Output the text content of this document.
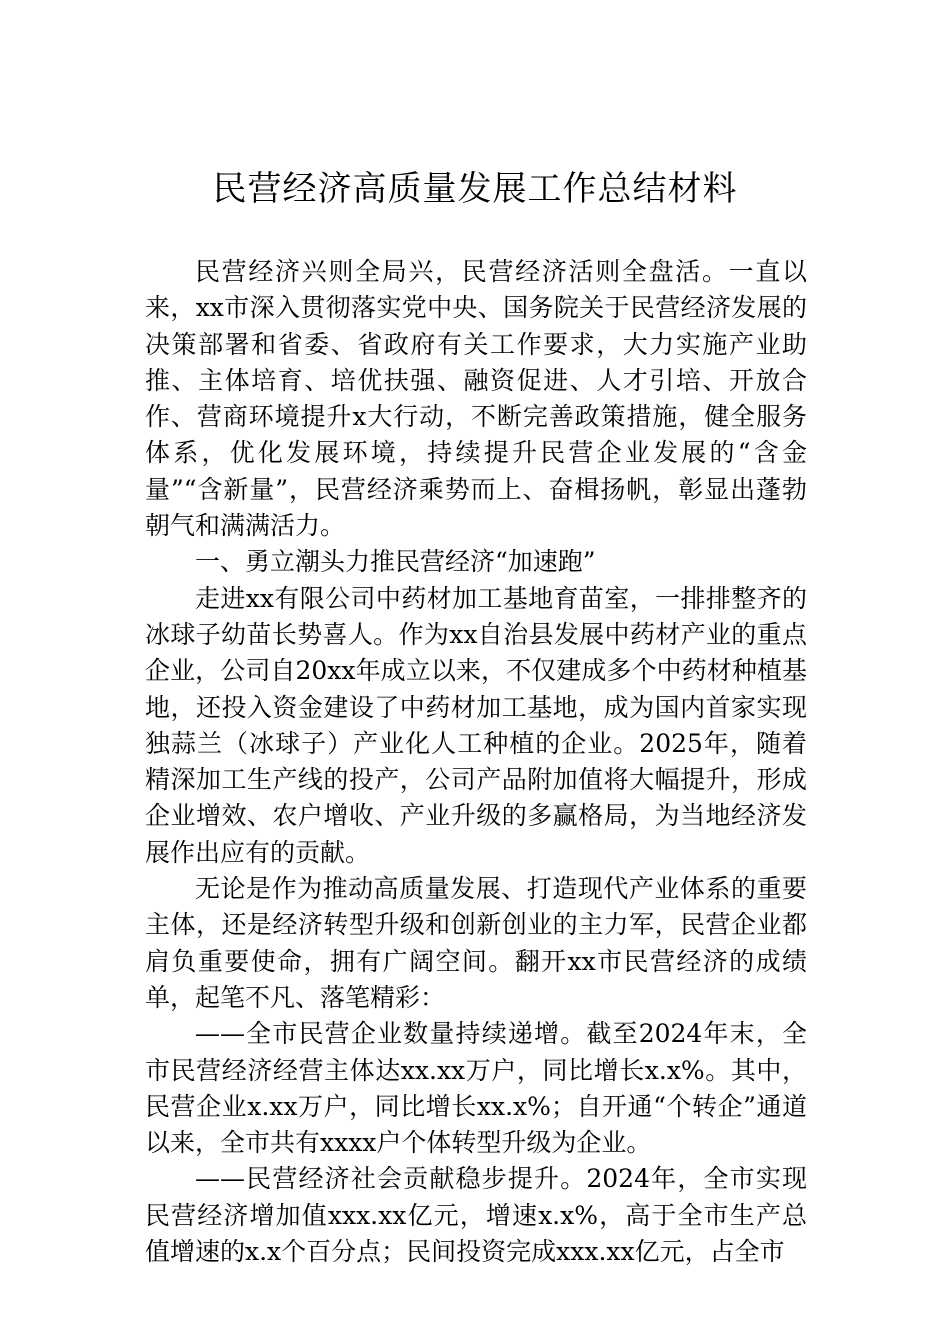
民营经济高质量发展工作总结材料

民营经济兴则全局兴，民营经济活则全盘活。一直以来，xx市深入贯彻落实党中央、国务院关于民营经济发展的决策部署和省委、省政府有关工作要求，大力实施产业助推、主体培育、培优扶强、融资促进、人才引培、开放合作、营商环境提升x大行动，不断完善政策措施，健全服务体系，优化发展环境，持续提升民营企业发展的“含金量”“含新量”，民营经济乘势而上、奋楫扬帆，彰显出蓬勃朝气和满满活力。

一、勇立潮头力推民营经济“加速跑”

走进xx有限公司中药材加工基地育苗室，一排排整齐的冰球子幼苗长势喜人。作为xx自治县发展中药材产业的重点企业，公司自20xx年成立以来，不仅建成多个中药材种植基地，还投入资金建设了中药材加工基地，成为国内首家实现独蒜兰（冰球子）产业化人工种植的企业。2025年，随着精深加工生产线的投产，公司产品附加值将大幅提升，形成企业增效、农户增收、产业升级的多赢格局，为当地经济发展作出应有的贡献。

无论是作为推动高质量发展、打造现代产业体系的重要主体，还是经济转型升级和创新创业的主力军，民营企业都肩负重要使命，拥有广阔空间。翻开xx市民营经济的成绩单，起笔不凡、落笔精彩：

——全市民营企业数量持续递增。截至2024年末，全市民营经济经营主体达xx.xx万户，同比增长x.x%。其中，民营企业x.xx万户，同比增长xx.x%；自开通“个转企”通道以来，全市共有xxxx户个体转型升级为企业。

——民营经济社会贡献稳步提升。2024年，全市实现民营经济增加值xxx.xx亿元，增速x.x%，高于全市生产总值增速的x.x个百分点；民间投资完成xxx.xx亿元，占全市
